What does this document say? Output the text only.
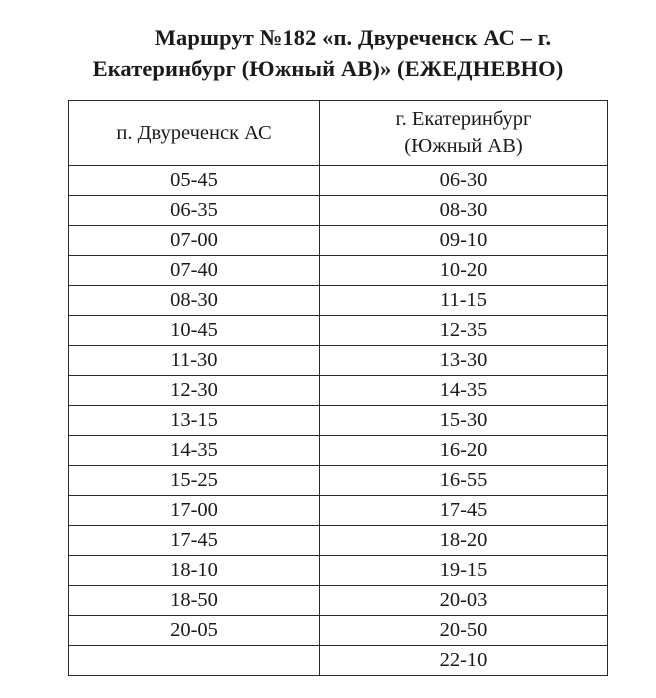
Маршрут №182 «п. Двуреченск АС – г.
Екатеринбург (Южный АВ)» (ЕЖЕДНЕВНО)
п. Двуреченск АС	г. Екатеринбург
(Южный АВ)

05-45	06-30
06-35	08-30
07-00	09-10
07-40	10-20
08-30	11-15
10-45	12-35
11-30	13-30
12-30	14-35
13-15	15-30
14-35	16-20
15-25	16-55
17-00	17-45
17-45	18-20
18-10	19-15
18-50	20-03
20-05	20-50
	22-10
